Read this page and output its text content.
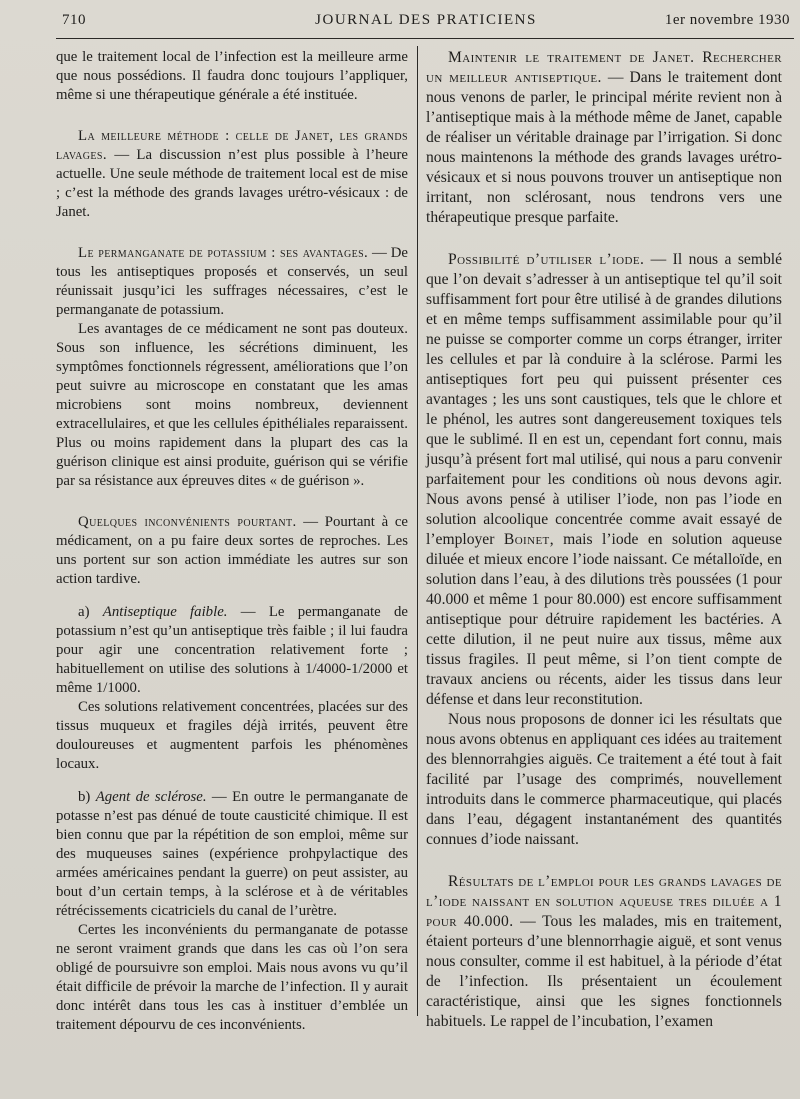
710	JOURNAL DES PRATICIENS	1er novembre 1930

que le traitement local de l’infection est la meilleure arme que nous possédions. Il faudra donc toujours l’appliquer, même si une thérapeutique générale a été instituée.

La meilleure méthode : celle de Janet, les grands lavages. — La discussion n’est plus possible à l’heure actuelle. Une seule méthode de traitement local est de mise ; c’est la méthode des grands lavages urétro-vésicaux : de Janet.

Le permanganate de potassium : ses avantages. — De tous les antiseptiques proposés et conservés, un seul réunissait jusqu’ici les suffrages nécessaires, c’est le permanganate de potassium.

Les avantages de ce médicament ne sont pas douteux. Sous son influence, les sécrétions diminuent, les symptômes fonctionnels régressent, améliorations que l’on peut suivre au microscope en constatant que les amas microbiens sont moins nombreux, deviennent extracellulaires, et que les cellules épithéliales reparaissent. Plus ou moins rapidement dans la plupart des cas la guérison clinique est ainsi produite, guérison qui se vérifie par sa résistance aux épreuves dites « de guérison ».

Quelques inconvénients pourtant. — Pourtant à ce médicament, on a pu faire deux sortes de reproches. Les uns portent sur son action immédiate les autres sur son action tardive.

a) Antiseptique faible. — Le permanganate de potassium n’est qu’un antiseptique très faible ; il lui faudra pour agir une concentration relativement forte ; habituellement on utilise des solutions à 1/4000-1/2000 et même 1/1000.

Ces solutions relativement concentrées, placées sur des tissus muqueux et fragiles déjà irrités, peuvent être douloureuses et augmentent parfois les phénomènes locaux.

b) Agent de sclérose. — En outre le permanganate de potasse n’est pas dénué de toute causticité chimique. Il est bien connu que par la répétition de son emploi, même sur des muqueuses saines (expérience prohpylactique des armées américaines pendant la guerre) on peut assister, au bout d’un certain temps, à la sclérose et à de véritables rétrécissements cicatriciels du canal de l’urètre.

Certes les inconvénients du permanganate de potasse ne seront vraiment grands que dans les cas où l’on sera obligé de poursuivre son emploi. Mais nous avons vu qu’il était difficile de prévoir la marche de l’infection. Il y aurait donc intérêt dans tous les cas à instituer d’emblée un traitement dépourvu de ces inconvénients.

Maintenir le traitement de Janet. Rechercher un meilleur antiseptique. — Dans le traitement dont nous venons de parler, le principal mérite revient non à l’antiseptique mais à la méthode même de Janet, capable de réaliser un véritable drainage par l’irrigation. Si donc nous maintenons la méthode des grands lavages urétro-vésicaux et si nous pouvons trouver un antiseptique non irritant, non sclérosant, nous tendrons vers une thérapeutique presque parfaite.

Possibilité d’utiliser l’iode. — Il nous a semblé que l’on devait s’adresser à un antiseptique tel qu’il soit suffisamment fort pour être utilisé à de grandes dilutions et en même temps suffisamment assimilable pour qu’il ne puisse se comporter comme un corps étranger, irriter les cellules et par là conduire à la sclérose. Parmi les antiseptiques fort peu qui puissent présenter ces avantages ; les uns sont caustiques, tels que le chlore et le phénol, les autres sont dangereusement toxiques tels que le sublimé. Il en est un, cependant fort connu, mais jusqu’à présent fort mal utilisé, qui nous a paru convenir parfaitement pour les conditions où nous devons agir. Nous avons pensé à utiliser l’iode, non pas l’iode en solution alcoolique concentrée comme avait essayé de l’employer Boinet, mais l’iode en solution aqueuse diluée et mieux encore l’iode naissant. Ce métalloïde, en solution dans l’eau, à des dilutions très poussées (1 pour 40.000 et même 1 pour 80.000) est encore suffisamment antiseptique pour détruire rapidement les bactéries. A cette dilution, il ne peut nuire aux tissus, même aux tissus fragiles. Il peut même, si l’on tient compte de travaux anciens ou récents, aider les tissus dans leur défense et dans leur reconstitution.

Nous nous proposons de donner ici les résultats que nous avons obtenus en appliquant ces idées au traitement des blennorrahgies aiguës. Ce traitement a été tout à fait facilité par l’usage des comprimés, nouvellement introduits dans le commerce pharmaceutique, qui placés dans l’eau, dégagent instantanément des quantités connues d’iode naissant.

Résultats de l’emploi pour les grands lavages de l’iode naissant en solution aqueuse tres diluée a 1 pour 40.000. — Tous les malades, mis en traitement, étaient porteurs d’une blennorrhagie aiguë, et sont venus nous consulter, comme il est habituel, à la période d’état de l’infection. Ils présentaient un écoulement caractéristique, ainsi que les signes fonctionnels habituels. Le rappel de l’incubation, l’examen
